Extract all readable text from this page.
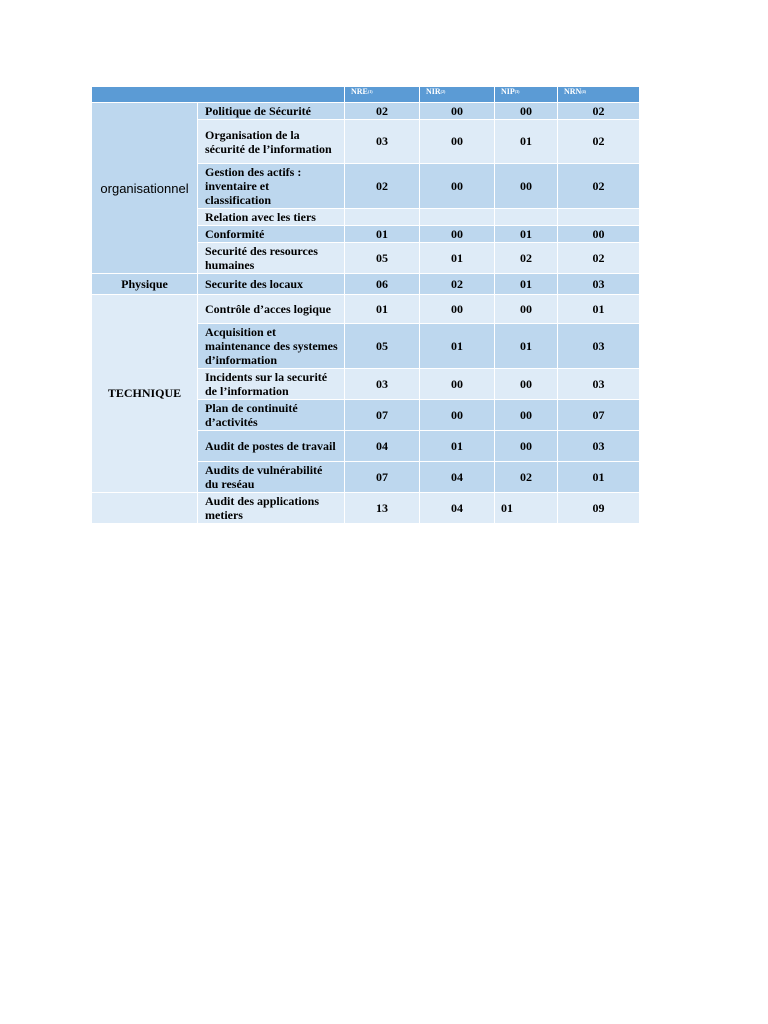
		NRE$^{(1)}$	NIR$^{(2)}$	NIP$^{(3)}$	NRN$^{(4)}$
organisationnel	Politique de Sécurité	02	00	00	02
	Organisation de la sécurité de l’information	03	00	01	02
	Gestion des actifs : inventaire et classification	02	00	00	02
	Relation avec les tiers				
	Conformité	01	00	01	00
	Securité des resources humaines	05	01	02	02
Physique	Securite des locaux	06	02	01	03
TECHNIQUE	Contrôle d’acces logique	01	00	00	01
	Acquisition et maintenance des systemes d’information	05	01	01	03
	Incidents sur la securité de l’information	03	00	00	03
	Plan de continuité d’activités	07	00	00	07
	Audit de postes de travail	04	01	00	03
	Audits de vulnérabilité du reséau	07	04	02	01
	Audit des applications metiers	13	04	01	09
